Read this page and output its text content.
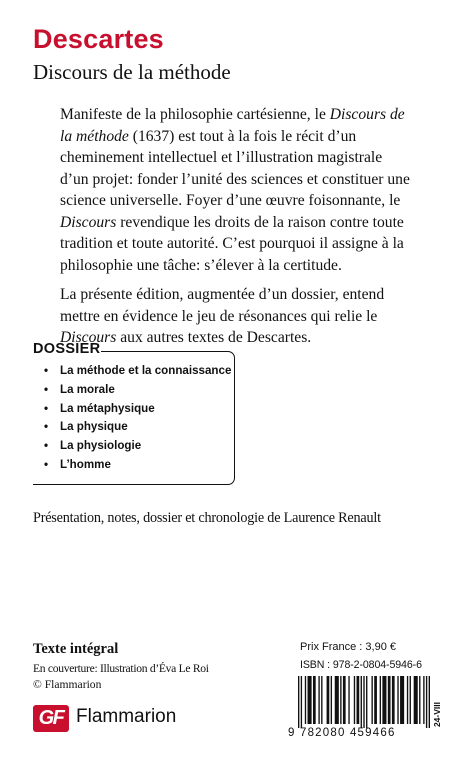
Descartes
Discours de la méthode

Manifeste de la philosophie cartésienne, le Discours de la méthode (1637) est tout à la fois le récit d’un cheminement intellectuel et l’illustration magistrale d’un projet: fonder l’unité des sciences et constituer une science universelle. Foyer d’une œuvre foisonnante, le Discours revendique les droits de la raison contre toute tradition et toute autorité. C’est pourquoi il assigne à la philosophie une tâche: s’élever à la certitude.

La présente édition, augmentée d’un dossier, entend mettre en évidence le jeu de résonances qui relie le Discours aux autres textes de Descartes.

DOSSIER
• La méthode et la connaissance
• La morale
• La métaphysique
• La physique
• La physiologie
• L’homme
Présentation, notes, dossier et chronologie de Laurence Renault
Texte intégral
En couverture: Illustration d’Éva Le Roi
© Flammarion
GF Flammarion
Prix France : 3,90 €
ISBN : 978-2-0804-5946-6
9 782080 459466
24-VIII
